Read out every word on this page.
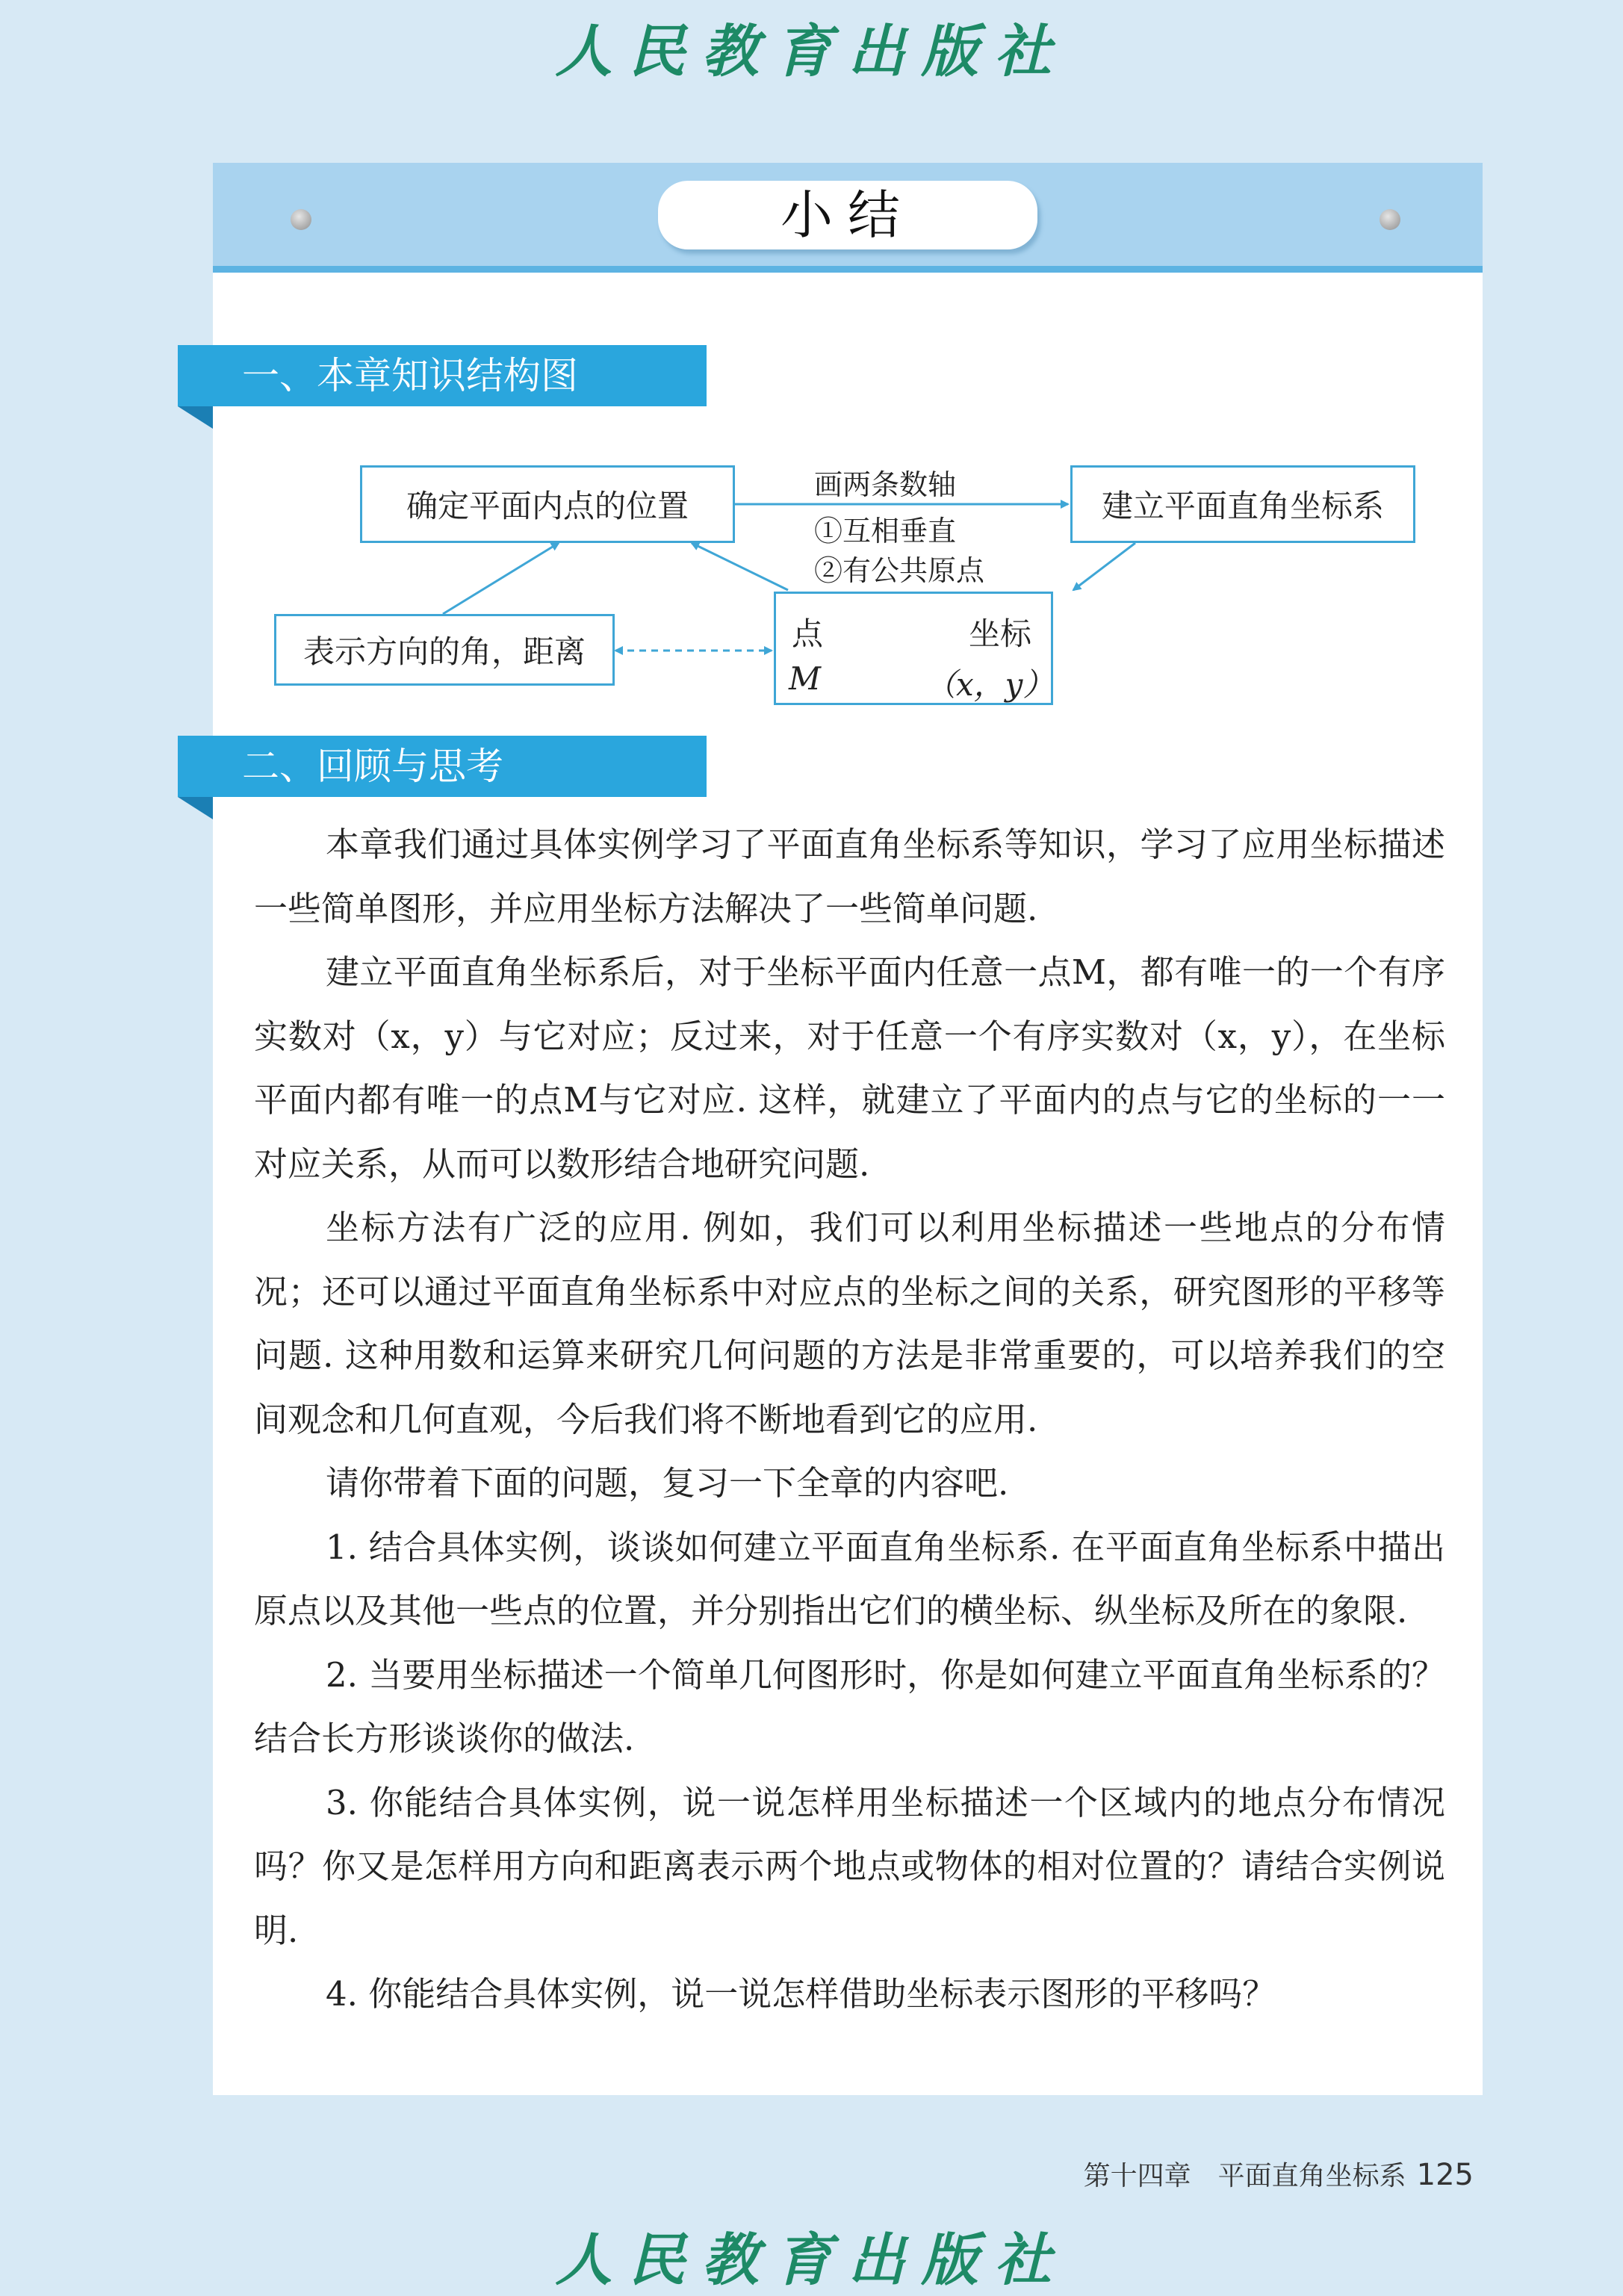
人民教育出版社
小结
一、本章知识结构图
确定平面内点的位置	建立平面直角坐标系
表示方向的角，距离
画两条数轴
①互相垂直
②有公共原点
点
M
坐标
（x，y）
二、回顾与思考

本章我们通过具体实例学习了平面直角坐标系等知识，学习了应用坐标描述一些简单图形，并应用坐标方法解决了一些简单问题.

建立平面直角坐标系后，对于坐标平面内任意一点M，都有唯一的一个有序实数对（x，y）与它对应；反过来，对于任意一个有序实数对（x，y），在坐标平面内都有唯一的点M与它对应. 这样，就建立了平面内的点与它的坐标的一一对应关系，从而可以数形结合地研究问题.

坐标方法有广泛的应用. 例如，我们可以利用坐标描述一些地点的分布情况；还可以通过平面直角坐标系中对应点的坐标之间的关系，研究图形的平移等问题. 这种用数和运算来研究几何问题的方法是非常重要的，可以培养我们的空间观念和几何直观，今后我们将不断地看到它的应用.

请你带着下面的问题，复习一下全章的内容吧.

1. 结合具体实例，谈谈如何建立平面直角坐标系. 在平面直角坐标系中描出原点以及其他一些点的位置，并分别指出它们的横坐标、纵坐标及所在的象限.

2. 当要用坐标描述一个简单几何图形时，你是如何建立平面直角坐标系的？结合长方形谈谈你的做法.

3. 你能结合具体实例，说一说怎样用坐标描述一个区域内的地点分布情况吗？你又是怎样用方向和距离表示两个地点或物体的相对位置的？请结合实例说明.

4. 你能结合具体实例，说一说怎样借助坐标表示图形的平移吗？

第十四章　平面直角坐标系 125
人民教育出版社
